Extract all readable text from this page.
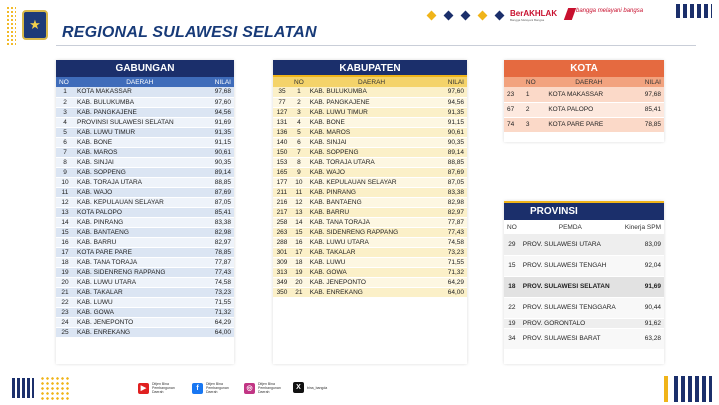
★ REGIONAL SULAWESI SELATAN
BerAKHLAK
Bangga Melayani Bangsa
bangga melayani bangsa
GABUNGAN
NO	DAERAH	NILAI
1	KOTA MAKASSAR	97,68
2	KAB. BULUKUMBA	97,60
3	KAB. PANGKAJENE	94,56
4	PROVINSI SULAWESI SELATAN	91,69
5	KAB. LUWU TIMUR	91,35
6	KAB. BONE	91,15
7	KAB. MAROS	90,61
8	KAB. SINJAI	90,35
9	KAB. SOPPENG	89,14
10	KAB. TORAJA UTARA	88,85
11	KAB. WAJO	87,69
12	KAB. KEPULAUAN SELAYAR	87,05
13	KOTA PALOPO	85,41
14	KAB. PINRANG	83,38
15	KAB. BANTAENG	82,98
16	KAB. BARRU	82,97
17	KOTA PARE PARE	78,85
18	KAB. TANA TORAJA	77,87
19	KAB. SIDENRENG RAPPANG	77,43
20	KAB. LUWU UTARA	74,58
21	KAB. TAKALAR	73,23
22	KAB. LUWU	71,55
23	KAB. GOWA	71,32
24	KAB. JENEPONTO	64,29
25	KAB. ENREKANG	64,00
KABUPATEN
	NO	DAERAH	NILAI
35	1	KAB. BULUKUMBA	97,60
77	2	KAB. PANGKAJENE	94,56
127	3	KAB. LUWU TIMUR	91,35
131	4	KAB. BONE	91,15
136	5	KAB. MAROS	90,61
140	6	KAB. SINJAI	90,35
150	7	KAB. SOPPENG	89,14
153	8	KAB. TORAJA UTARA	88,85
165	9	KAB. WAJO	87,69
177	10	KAB. KEPULAUAN SELAYAR	87,05
211	11	KAB. PINRANG	83,38
216	12	KAB. BANTAENG	82,98
217	13	KAB. BARRU	82,97
258	14	KAB. TANA TORAJA	77,87
263	15	KAB. SIDENRENG RAPPANG	77,43
288	16	KAB. LUWU UTARA	74,58
301	17	KAB. TAKALAR	73,23
309	18	KAB. LUWU	71,55
313	19	KAB. GOWA	71,32
349	20	KAB. JENEPONTO	64,29
350	21	KAB. ENREKANG	64,00
KOTA
	NO	DAERAH	NILAI
23	1	KOTA MAKASSAR	97,68
67	2	KOTA PALOPO	85,41
74	3	KOTA PARE PARE	78,85
PROVINSI
NO	PEMDA	Kinerja SPM
29	PROV. SULAWESI UTARA	83,09
15	PROV. SULAWESI TENGAH	92,04
18	PROV. SULAWESI SELATAN	91,69
22	PROV. SULAWESI TENGGARA	90,44
19	PROV. GORONTALO	91,62
34	PROV. SULAWESI BARAT	63,28
▶
Ditjen Bina Pembangunan Daerah
f
Ditjen Bina Pembangunan Daerah	◎
Ditjen Bina Pembangunan Daerah
X	bina_bangda
